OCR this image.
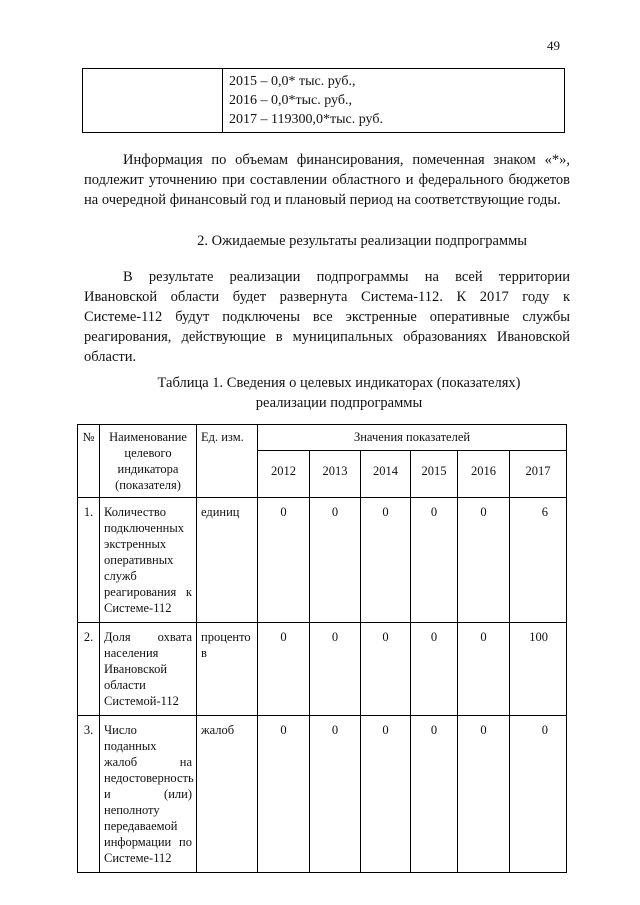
49

2015 – 0,0* тыс. руб.,
2016 – 0,0*тыс. руб.,
2017 – 119300,0*тыс. руб.

Информация по объемам финансирования, помеченная знаком «*», подлежит уточнению при составлении областного и федерального бюджетов на очередной финансовый год и плановый период на соответствующие годы.

2. Ожидаемые результаты реализации подпрограммы

В результате реализации подпрограммы на всей территории Ивановской области будет развернута Система-112. К 2017 году к Системе-112 будут подключены все экстренные оперативные службы реагирования, действующие в муниципальных образованиях Ивановской области.

Таблица 1. Сведения о целевых индикаторах (показателях)
реализации подпрограммы
№	Наименование целевого индикатора (показателя)	Ед. изм.	Значения показателей					
			2012	2013	2014	2015	2016	2017
1.	Количество подключенных экстренных оперативных служб реагирования к Системе-112	единиц	0	0	0	0	0	6
2.	Доля охвата населения Ивановской области Системой-112	процентов	0	0	0	0	0	100
3.	Число поданных жалоб на недостоверность и (или) неполноту передаваемой информации по Системе-112	жалоб	0	0	0	0	0	0
